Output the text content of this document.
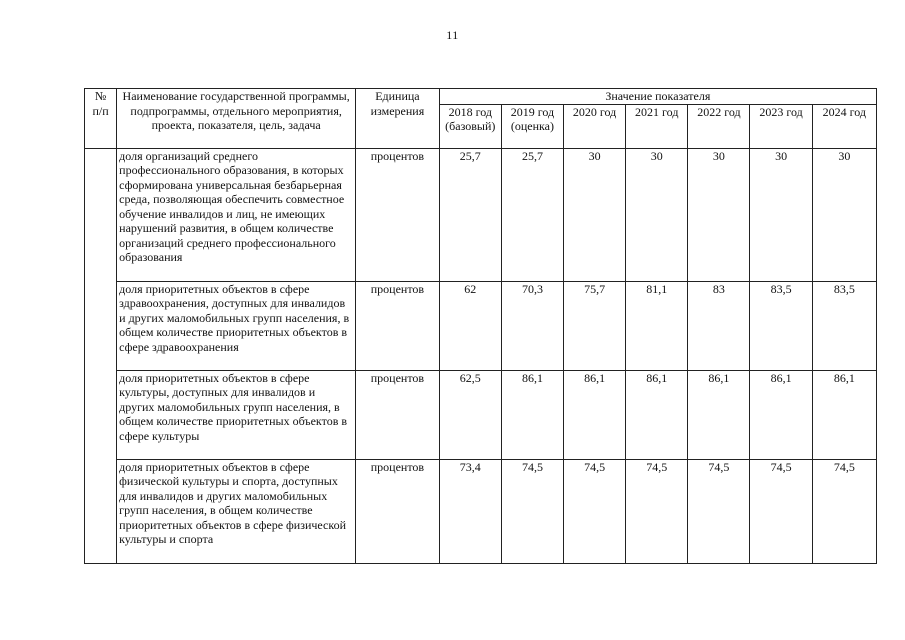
11
№
п/п	Наименование государственной программы, подпрограммы, отдельного мероприятия, проекта, показателя, цель, задача	Единица измерения	Значение показателя						
			2018 год (базовый)	2019 год (оценка)	2020 год	2021 год	2022 год	2023 год	2024 год
	доля организаций среднего профессионального образования, в которых сформирована универсальная безбарьерная среда, позволяющая обеспечить совместное обучение инвалидов и лиц, не имеющих нарушений развития, в общем количестве организаций среднего профессионального образования	процентов	25,7	25,7	30	30	30	30	30
	доля приоритетных объектов в сфере здравоохранения, доступных для инвалидов и других маломобильных групп населения, в общем количестве приоритетных объектов в сфере здравоохранения	процентов	62	70,3	75,7	81,1	83	83,5	83,5
	доля приоритетных объектов в сфере культуры, доступных для инвалидов и других маломобильных групп населения, в общем количестве приоритетных объектов в сфере культуры	процентов	62,5	86,1	86,1	86,1	86,1	86,1	86,1
	доля приоритетных объектов в сфере физической культуры и спорта, доступных для инвалидов и других маломобильных групп населения, в общем количестве приоритетных объектов в сфере физической культуры и спорта	процентов	73,4	74,5	74,5	74,5	74,5	74,5	74,5
